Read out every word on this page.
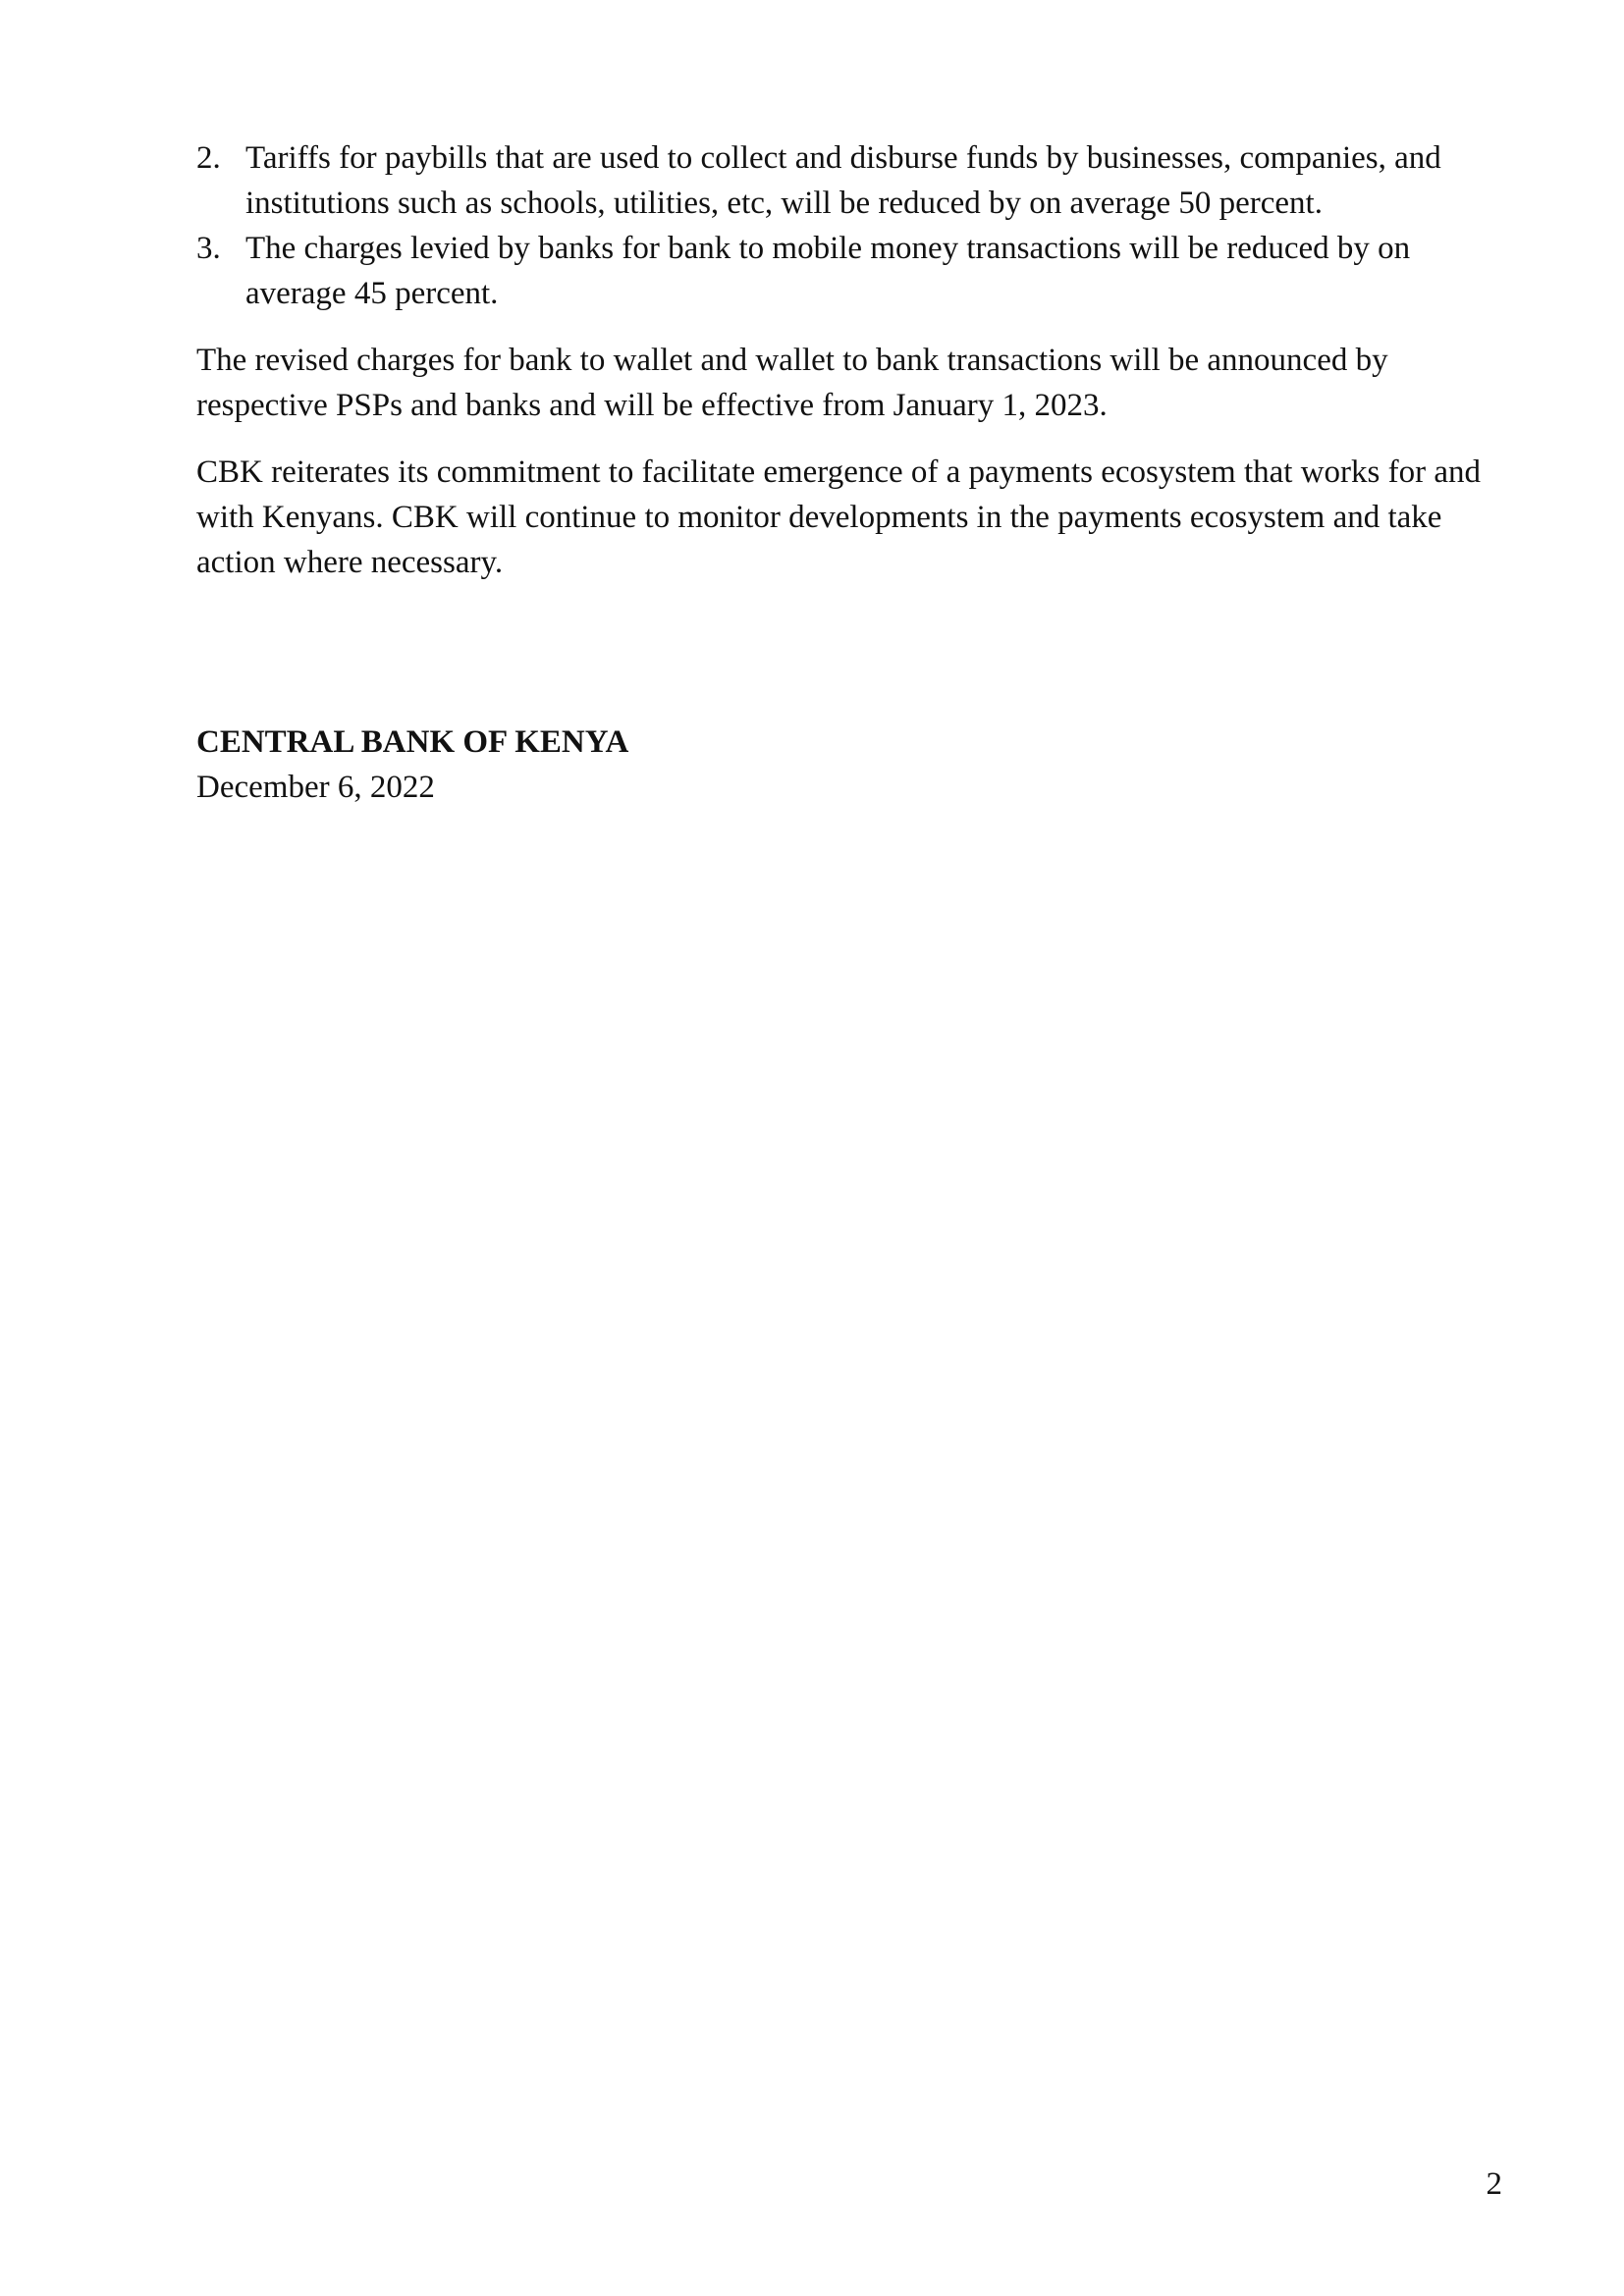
2. Tariffs for paybills that are used to collect and disburse funds by businesses, companies, and institutions such as schools, utilities, etc, will be reduced by on average 50 percent.
3. The charges levied by banks for bank to mobile money transactions will be reduced by on average 45 percent.

The revised charges for bank to wallet and wallet to bank transactions will be announced by respective PSPs and banks and will be effective from January 1, 2023.

CBK reiterates its commitment to facilitate emergence of a payments ecosystem that works for and with Kenyans. CBK will continue to monitor developments in the payments ecosystem and take action where necessary.

CENTRAL BANK OF KENYA
December 6, 2022
2
